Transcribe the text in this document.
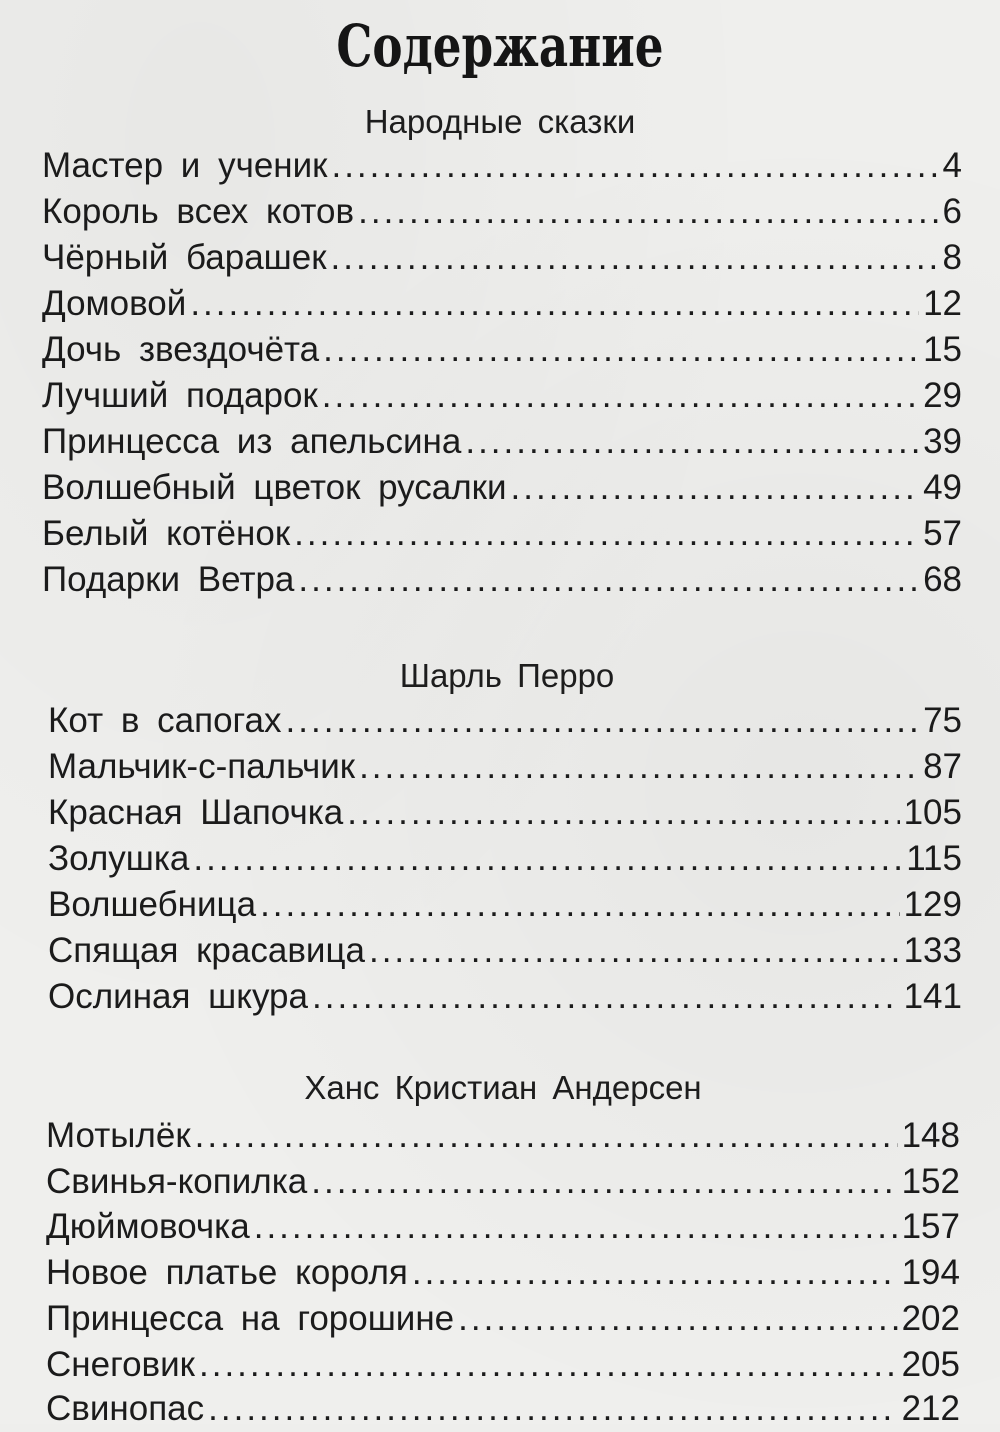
Содержание
Народные сказки
Мастер и ученик .....	4
Король всех котов .....	6
Чёрный барашек .....	8
Домовой .....	12
Дочь звездочёта .....	15
Лучший подарок .....	29
Принцесса из апельсина .....	39
Волшебный цветок русалки .....	49
Белый котёнок .....	57
Подарки Ветра .....	68
Шарль Перро
Кот в сапогах .....	75
Мальчик-с-пальчик .....	87
Красная Шапочка .....	105
Золушка .....	115
Волшебница .....	129
Спящая красавица .....	133
Ослиная шкура .....	141
Ханс Кристиан Андерсен
Мотылёк .....	148
Свинья-копилка .....	152
Дюймовочка .....	157
Новое платье короля .....	194
Принцесса на горошине .....	202
Снеговик .....	205
Свинопас .....	212
